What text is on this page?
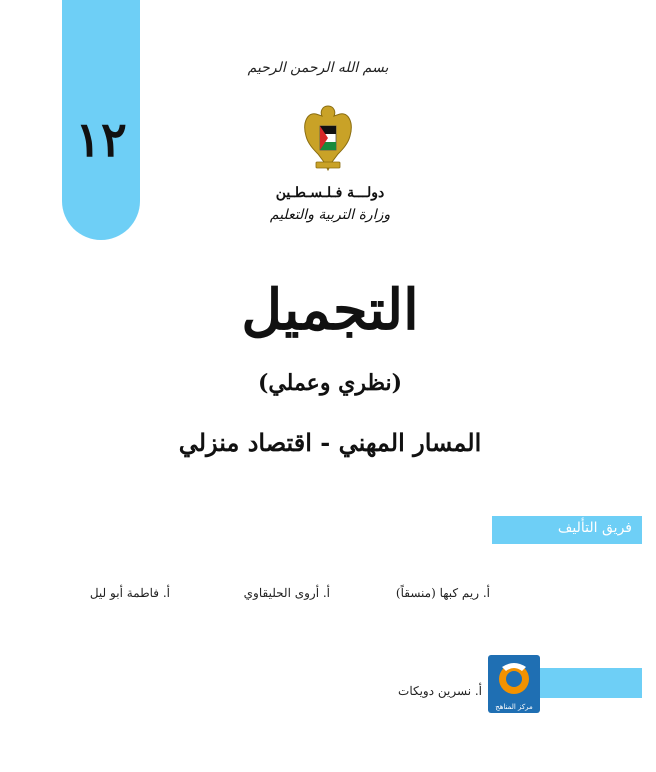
١٢
بسم الله الرحمن الرحيم
دولـــة فـلـسـطـين
وزارة التربية والتعليم
التجميل
(نظري وعملي)
المسار المهني - اقتصاد منزلي
فريق التأليف
أ. ريم كبها (منسقاً)
أ. أروى الحليقاوي
أ. فاطمة أبو ليل
مركز المناهج
أ. نسرين دويكات
